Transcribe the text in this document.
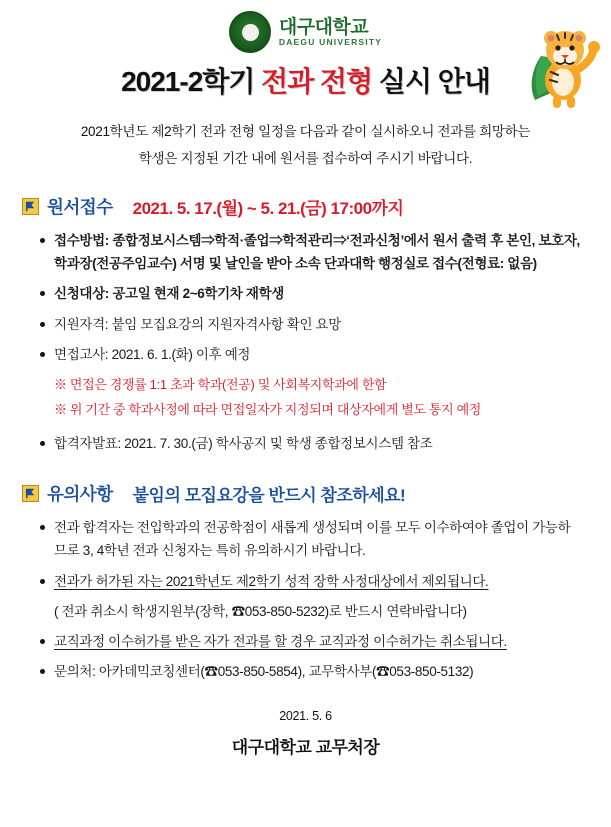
대구대학교
DAEGU UNIVERSITY
2021-2학기 전과 전형 실시 안내
2021학년도 제2학기 전과 전형 일정을 다음과 같이 실시하오니 전과를 희망하는
학생은 지정된 기간 내에 원서를 접수하여 주시기 바랍니다.
원서접수 2021. 5. 17.(월) ~ 5. 21.(금) 17:00까지
접수방법: 종합정보시스템⇒학적·졸업⇒학적관리⇒‘전과신청’에서 원서 출력 후 본인, 보호자, 학과장(전공주임교수) 서명 및 날인을 받아 소속 단과대학 행정실로 접수(전형료: 없음)
신청대상: 공고일 현재 2~6학기차 재학생
지원자격: 붙임 모집요강의 지원자격사항 확인 요망
면접고사: 2021. 6. 1.(화) 이후 예정
※ 면접은 경쟁률 1:1 초과 학과(전공) 및 사회복지학과에 한함
※ 위 기간 중 학과사정에 따라 면접일자가 지정되며 대상자에게 별도 통지 예정
합격자발표: 2021. 7. 30.(금) 학사공지 및 학생 종합정보시스템 참조
유의사항 붙임의 모집요강을 반드시 참조하세요!
전과 합격자는 전입학과의 전공학점이 새롭게 생성되며 이를 모두 이수하여야 졸업이 가능하므로 3, 4학년 전과 신청자는 특히 유의하시기 바랍니다.
전과가 허가된 자는 2021학년도 제2학기 성적 장학 사정대상에서 제외됩니다.
( 전과 취소시 학생지원부(장학, ☎053-850-5232)로 반드시 연락바랍니다)
교직과정 이수허가를 받은 자가 전과를 할 경우 교직과정 이수허가는 취소됩니다.
문의처: 아카데믹코칭센터(☎053-850-5854), 교무학사부(☎053-850-5132)
2021. 5. 6
대구대학교 교무처장
